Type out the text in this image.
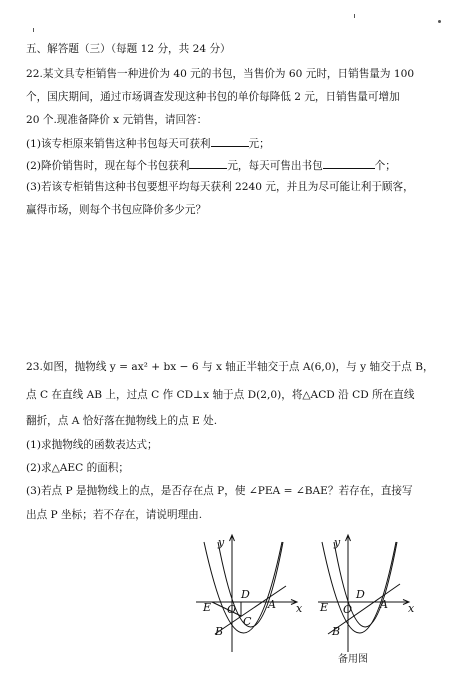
五、解答题（三）（每题 12 分，共 24 分）
22.某文具专柜销售一种进价为 40 元的书包，当售价为 60 元时，日销售量为 100
个，国庆期间，通过市场调查发现这种书包的单价每降低 2 元，日销售量可增加
20 个.现准备降价 x 元销售，请回答：
(1)该专柜原来销售这种书包每天可获利	元；
(2)降价销售时，现在每个书包获利	元，每天可售出书包	个；
(3)若该专柜销售这种书包要想平均每天获利 2240 元，并且为尽可能让利于顾客，
赢得市场，则每个书包应降价多少元？
23.如图，抛物线 y = ax² + bx − 6 与 x 轴正半轴交于点 A(6,0)，与 y 轴交于点 B，
点 C 在直线 AB 上，过点 C 作 CD⊥x 轴于点 D(2,0)，将△ACD 沿 CD 所在直线
翻折，点 A 恰好落在抛物线上的点 E 处.
(1)求抛物线的函数表达式；
(2)求△AEC 的面积；
(3)若点 P 是抛物线上的点，是否存在点 P，使 ∠PEA = ∠BAE？若存在，直接写
出点 P 坐标；若不存在，请说明理由.
y
x
O
E
D
A
B
C
y
x
O
E
D
A
B
备用图
